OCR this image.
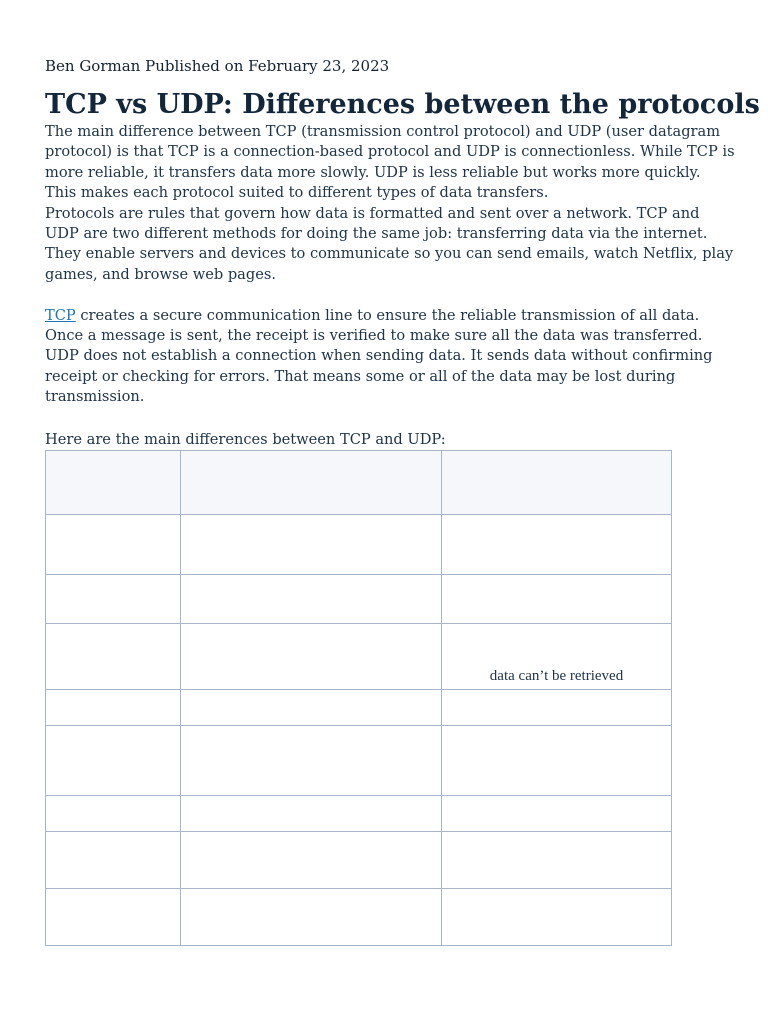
Ben Gorman Published on February 23, 2023
TCP vs UDP: Differences between the protocols

The main difference between TCP (transmission control protocol) and UDP (user datagram protocol) is that TCP is a connection-based protocol and UDP is connectionless. While TCP is more reliable, it transfers data more slowly. UDP is less reliable but works more quickly. This makes each protocol suited to different types of data transfers.

Protocols are rules that govern how data is formatted and sent over a network. TCP and UDP are two different methods for doing the same job: transferring data via the internet. They enable servers and devices to communicate so you can send emails, watch Netflix, play games, and browse web pages.

TCP creates a secure communication line to ensure the reliable transmission of all data. Once a message is sent, the receipt is verified to make sure all the data was transferred.

UDP does not establish a connection when sending data. It sends data without confirming receipt or checking for errors. That means some or all of the data may be lost during transmission.

Here are the main differences between TCP and UDP:

		data can’t be retrieved
